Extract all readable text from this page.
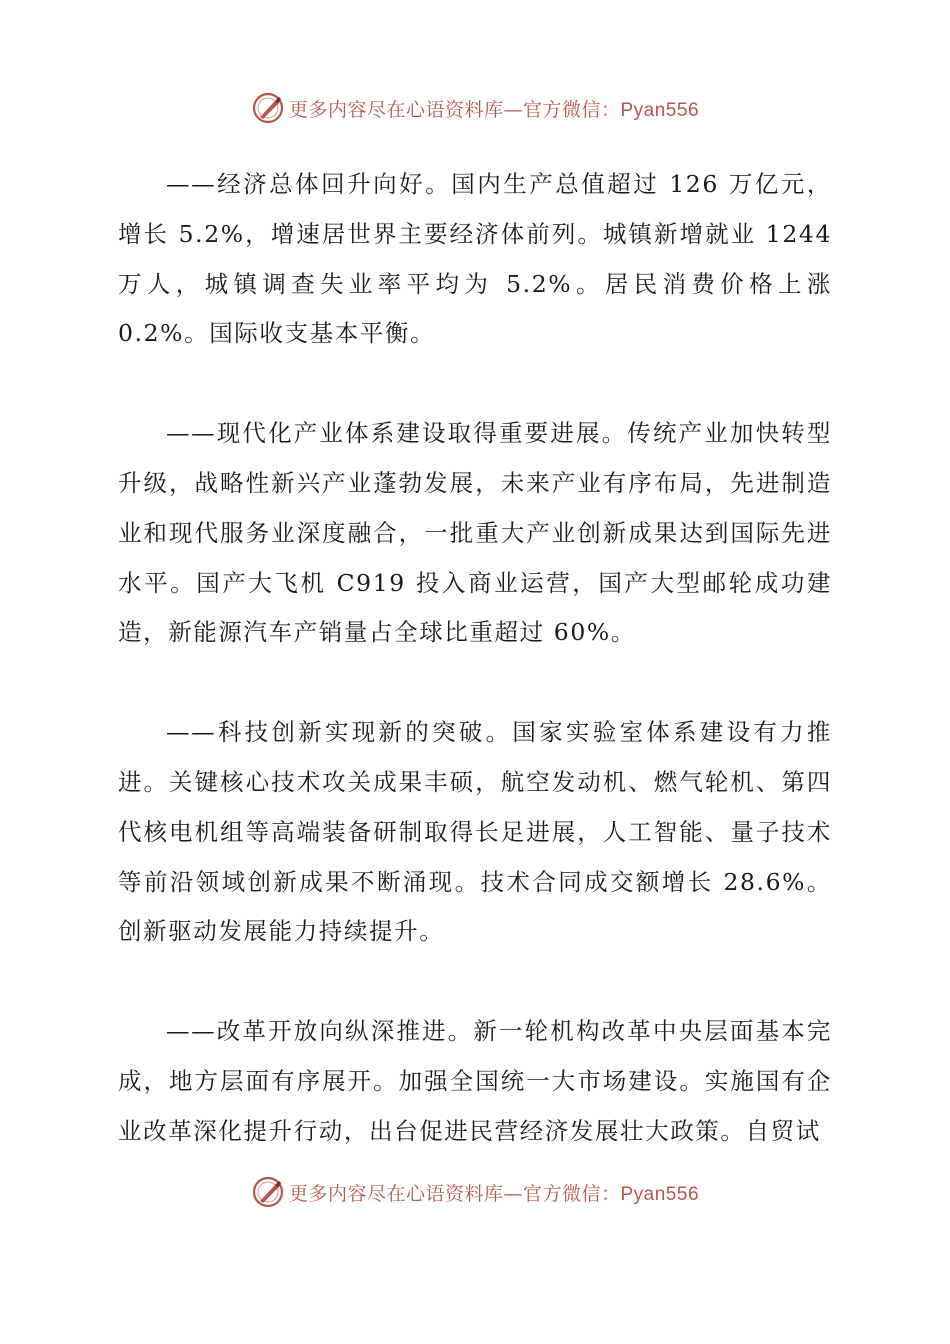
更多内容尽在心语资料库—官方微信：Pyan556

——经济总体回升向好。国内生产总值超过 126 万亿元，增长 5.2%，增速居世界主要经济体前列。城镇新增就业 1244 万人，城镇调查失业率平均为 5.2%。居民消费价格上涨 0.2%。国际收支基本平衡。

——现代化产业体系建设取得重要进展。传统产业加快转型升级，战略性新兴产业蓬勃发展，未来产业有序布局，先进制造业和现代服务业深度融合，一批重大产业创新成果达到国际先进水平。国产大飞机 C919 投入商业运营，国产大型邮轮成功建造，新能源汽车产销量占全球比重超过 60%。

——科技创新实现新的突破。国家实验室体系建设有力推进。关键核心技术攻关成果丰硕，航空发动机、燃气轮机、第四代核电机组等高端装备研制取得长足进展，人工智能、量子技术等前沿领域创新成果不断涌现。技术合同成交额增长 28.6%。创新驱动发展能力持续提升。

——改革开放向纵深推进。新一轮机构改革中央层面基本完成，地方层面有序展开。加强全国统一大市场建设。实施国有企业改革深化提升行动，出台促进民营经济发展壮大政策。自贸试

更多内容尽在心语资料库—官方微信：Pyan556
